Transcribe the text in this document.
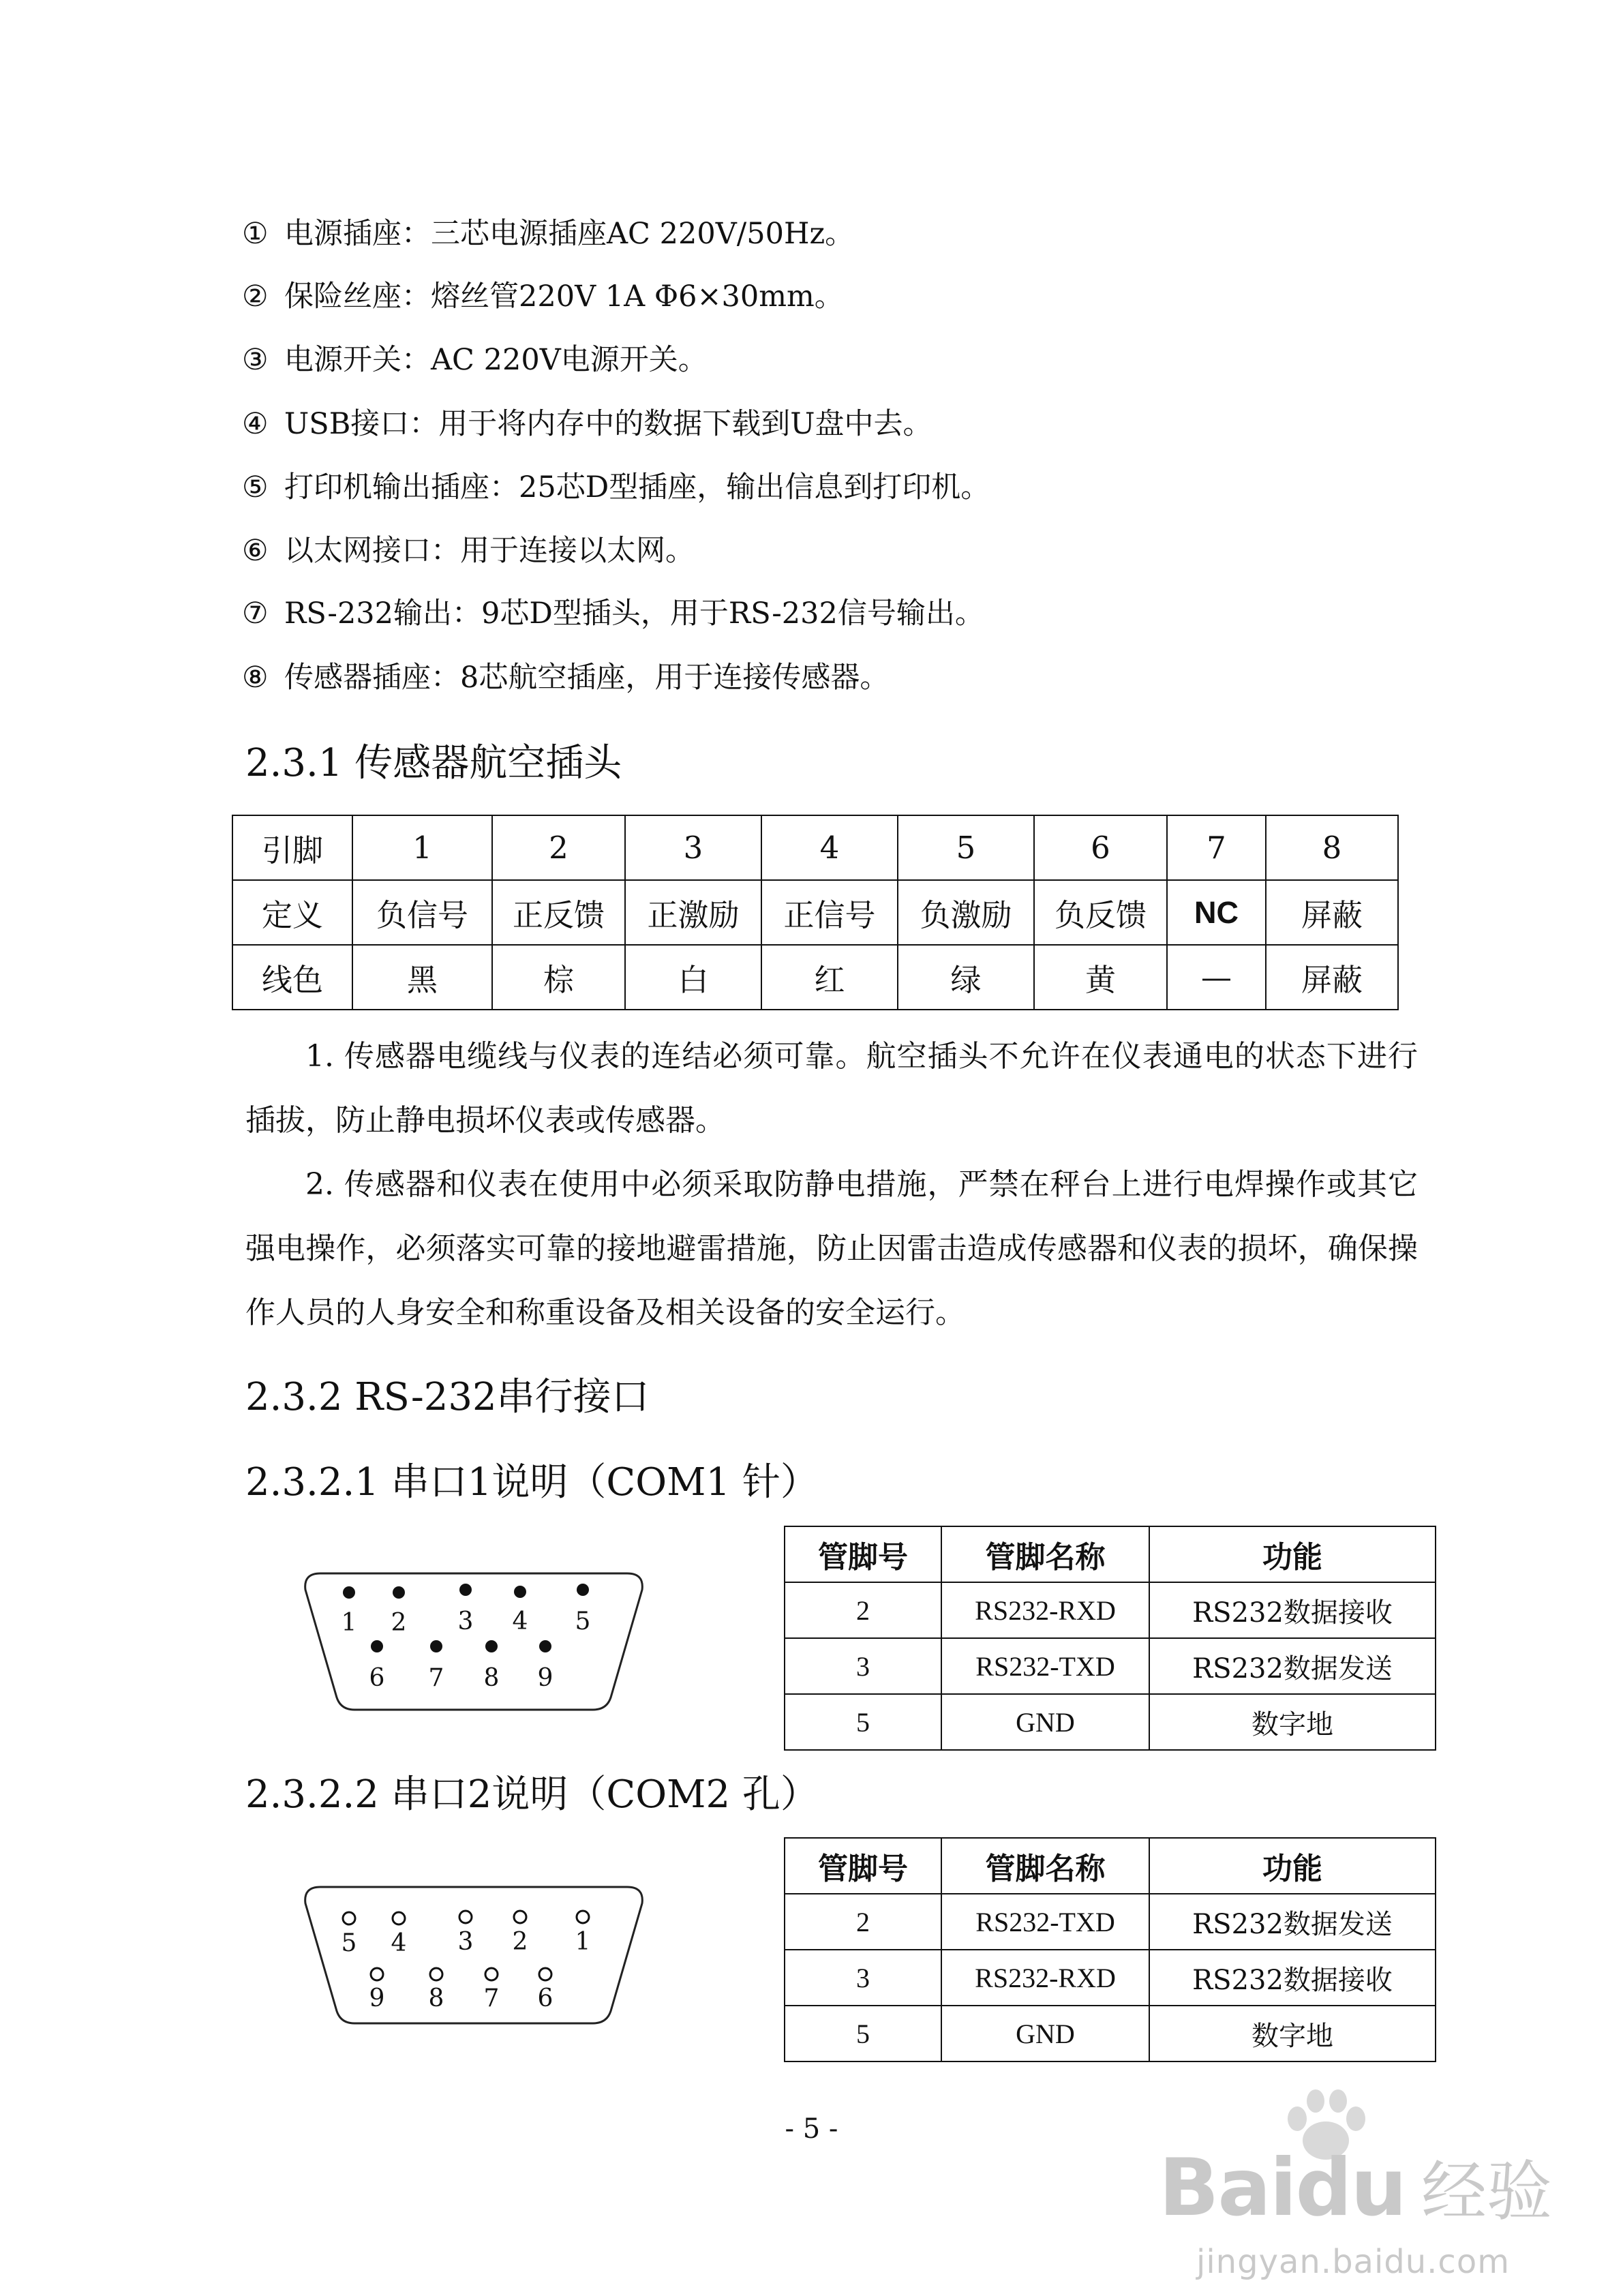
① 电源插座：三芯电源插座AC 220V/50Hz。
② 保险丝座：熔丝管220V 1A Φ6×30mm。
③ 电源开关：AC 220V电源开关。
④ USB接口：用于将内存中的数据下载到U盘中去。
⑤ 打印机输出插座：25芯D型插座，输出信息到打印机。
⑥ 以太网接口：用于连接以太网。
⑦ RS-232输出：9芯D型插头，用于RS-232信号输出。
⑧ 传感器插座：8芯航空插座，用于连接传感器。
2.3.1 传感器航空插头
引脚	1	2	3	4	5	6	7	8
定义	负信号	正反馈	正激励	正信号	负激励	负反馈	NC	屏蔽
线色	黑	棕	白	红	绿	黄	—	屏蔽

1. 传感器电缆线与仪表的连结必须可靠。航空插头不允许在仪表通电的状态下进行插拔，防止静电损坏仪表或传感器。

2. 传感器和仪表在使用中必须采取防静电措施，严禁在秤台上进行电焊操作或其它强电操作，必须落实可靠的接地避雷措施，防止因雷击造成传感器和仪表的损坏，确保操作人员的人身安全和称重设备及相关设备的安全运行。

2.3.2 RS-232串行接口
2.3.2.1 串口1说明（COM1 针）
1 2 3 4 5
6 7 8 9
管脚号	管脚名称	功能
2	RS232-RXD	RS232数据接收
3	RS232-TXD	RS232数据发送
5	GND	数字地
2.3.2.2 串口2说明（COM2 孔）
5 4 3 2 1
9 8 7 6
管脚号	管脚名称	功能
2	RS232-TXD	RS232数据发送
3	RS232-RXD	RS232数据接收
5	GND	数字地
- 5 -
Baidu 经验
jingyan.baidu.com
